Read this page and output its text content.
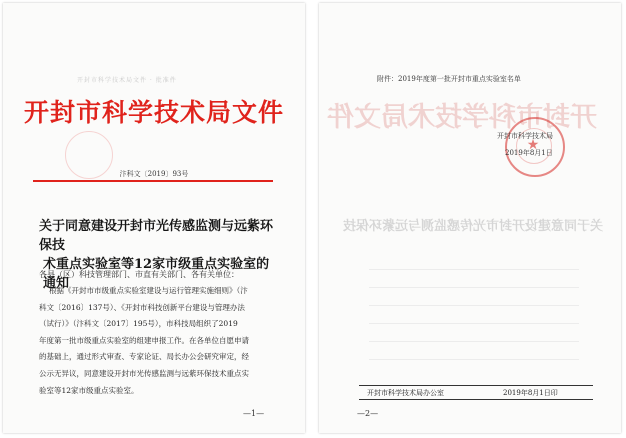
开封市科学技术局文件 · 批准件
开封市科学技术局文件
汴科文〔2019〕93号
关于同意建设开封市光传感监测与远紫环保技
术重点实验室等12家市级重点实验室的通知
各县（区）科技管理部门、市直有关部门、各有关单位：
根据《开封市市级重点实验室建设与运行管理实施细则》（汴
科文〔2016〕137号）、《开封市科技创新平台建设与管理办法
（试行）》（汴科文〔2017〕195号），市科技局组织了2019
年度第一批市级重点实验室的组建申报工作。在各单位自愿申请
的基础上，通过形式审查、专家论证、局长办公会研究审定，经
公示无异议，同意建设开封市光传感监测与远紫环保技术重点实
验室等12家市级重点实验室。
—1—
附件：2019年度第一批开封市重点实验室名单
开封市科学技术局文件
★
开封市科学技术局
2019年8月1日
关于同意建设开封市光传感监测与远紫环保技
开封市科学技术局办公室	2019年8月1日印
—2—
